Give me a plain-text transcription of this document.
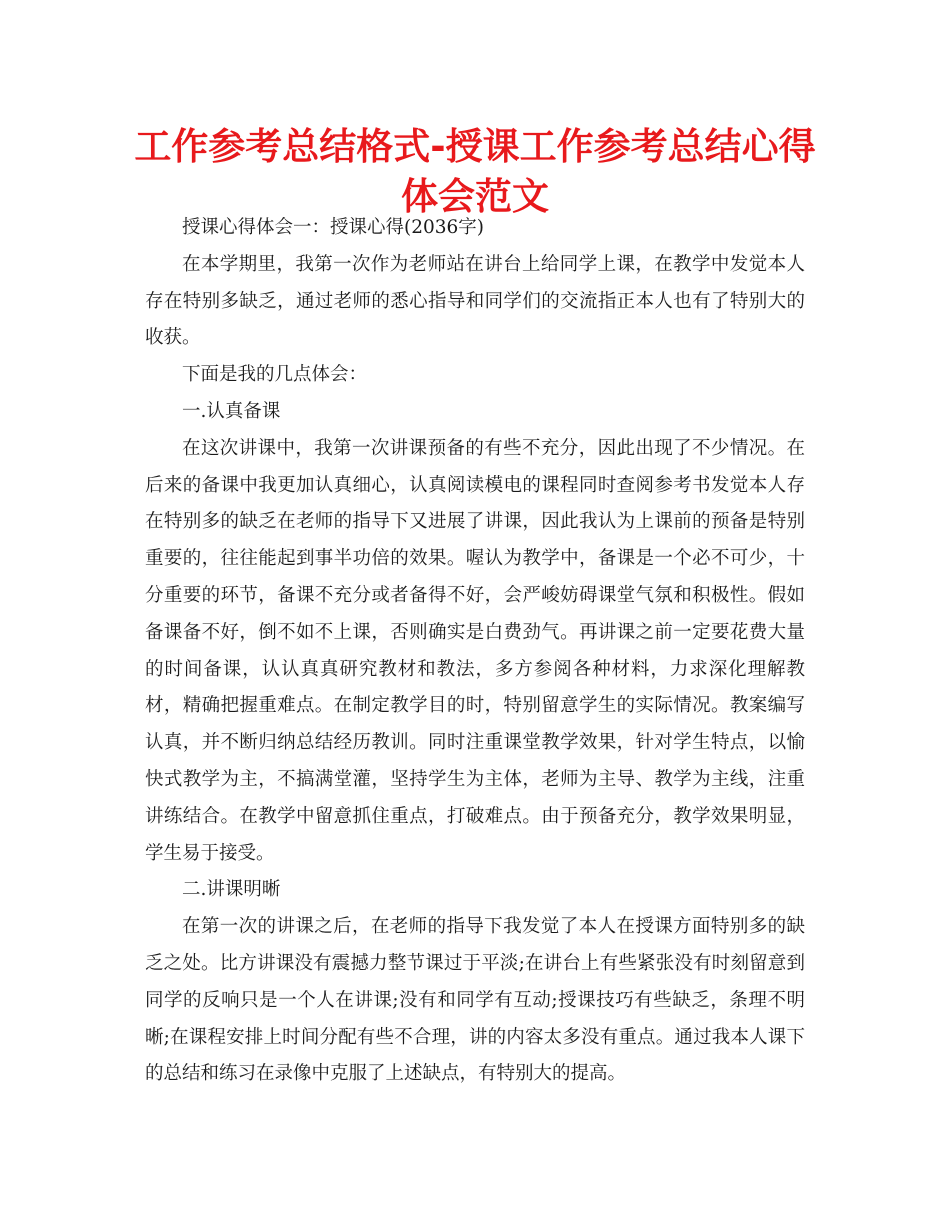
工作参考总结格式-授课工作参考总结心得体会范文

授课心得体会一：授课心得(2036字)

在本学期里，我第一次作为老师站在讲台上给同学上课，在教学中发觉本人存在特别多缺乏，通过老师的悉心指导和同学们的交流指正本人也有了特别大的收获。

下面是我的几点体会：

一.认真备课

在这次讲课中，我第一次讲课预备的有些不充分，因此出现了不少情况。在后来的备课中我更加认真细心，认真阅读模电的课程同时查阅参考书发觉本人存在特别多的缺乏在老师的指导下又进展了讲课，因此我认为上课前的预备是特别重要的，往往能起到事半功倍的效果。喔认为教学中，备课是一个必不可少，十分重要的环节，备课不充分或者备得不好，会严峻妨碍课堂气氛和积极性。假如备课备不好，倒不如不上课，否则确实是白费劲气。再讲课之前一定要花费大量的时间备课，认认真真研究教材和教法，多方参阅各种材料，力求深化理解教材，精确把握重难点。在制定教学目的时，特别留意学生的实际情况。教案编写认真，并不断归纳总结经历教训。同时注重课堂教学效果，针对学生特点，以愉快式教学为主，不搞满堂灌，坚持学生为主体，老师为主导、教学为主线，注重讲练结合。在教学中留意抓住重点，打破难点。由于预备充分，教学效果明显，学生易于接受。

二.讲课明晰

在第一次的讲课之后，在老师的指导下我发觉了本人在授课方面特别多的缺乏之处。比方讲课没有震撼力整节课过于平淡;在讲台上有些紧张没有时刻留意到同学的反响只是一个人在讲课;没有和同学有互动;授课技巧有些缺乏，条理不明晰;在课程安排上时间分配有些不合理，讲的内容太多没有重点。通过我本人课下的总结和练习在录像中克服了上述缺点，有特别大的提高。
